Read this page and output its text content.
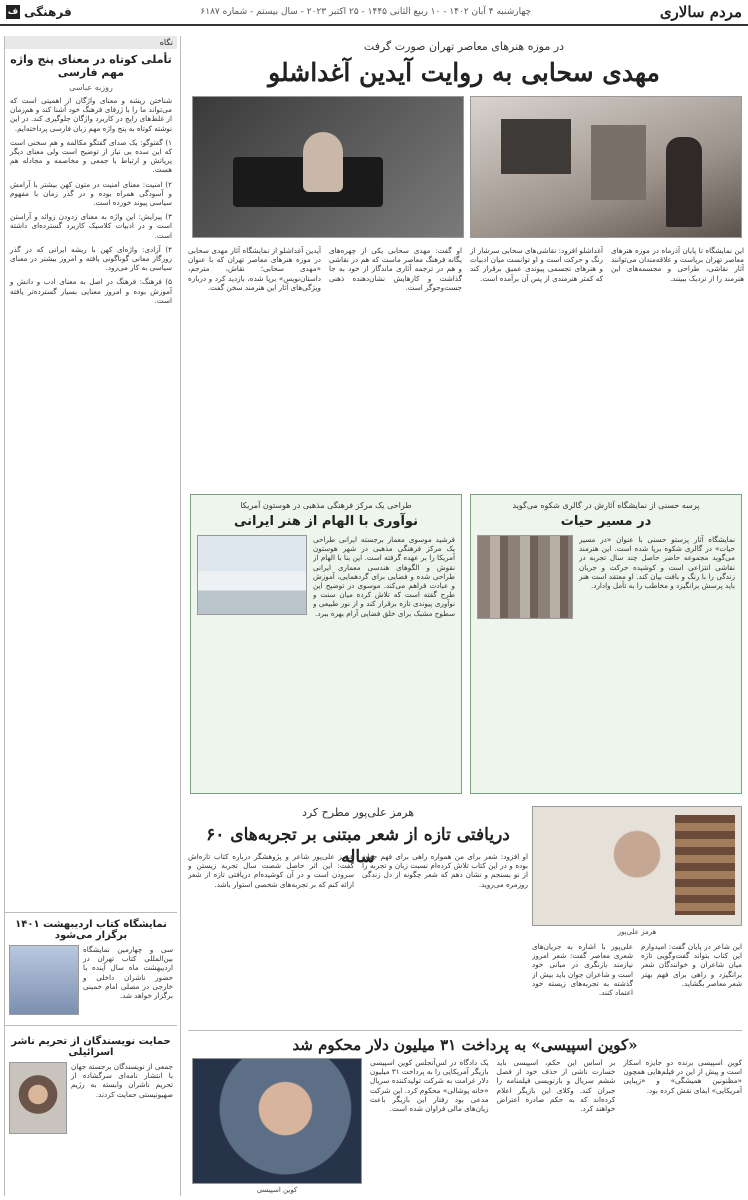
مردم سالاری
چهارشنبه ۴ آبان ۱۴۰۲ - ۱۰ ربیع الثانی ۱۴۴۵ - ۲۵ اکتبر ۲۰۲۳ - سال بیستم - شماره ۶۱۸۷
فرهنگی
ف
نگاه
تأملی کوتاه در معنای پنج واژه مهم فارسی
روزبه عباسی

شناختن ریشه و معنای واژگان از اهمیتی است که می‌تواند ما را با ژرفای فرهنگ خود آشنا کند و هم‌زمان از غلط‌های رایج در کاربرد واژگان جلوگیری کند. در این نوشته کوتاه به پنج واژه مهم زبان فارسی پرداخته‌ایم.

۱) گفتوگو: یک صدای گفتگو مکالمه و هم سخنی است که این سده بی نیاز از توضیح است ولی معنای دیگر پرپاتش و ارتباط با جمعی و مخاصمه و مجادله هم هست.

۲) امنیت: معنای امنیت در متون کهن بیشتر با آرامش و آسودگی همراه بوده و در گذر زمان با مفهوم سیاسی پیوند خورده است.

۳) پیرایش: این واژه به معنای زدودن زوائد و آراستن است و در ادبیات کلاسیک کاربرد گسترده‌ای داشته است.

۴) آزادی: واژه‌ای کهن با ریشه ایرانی که در گذر روزگار معانی گوناگونی یافته و امروز بیشتر در معنای سیاسی به کار می‌رود.

۵) فرهنگ: فرهنگ در اصل به معنای ادب و دانش و آموزش بوده و امروز معنایی بسیار گسترده‌تر یافته است.

نمایشگاه کتاب اردیبهشت ۱۴۰۱ برگزار می‌شود

سی و چهارمین نمایشگاه بین‌المللی کتاب تهران در اردیبهشت ماه سال آینده با حضور ناشران داخلی و خارجی در مصلی امام خمینی برگزار خواهد شد.

حمایت نویسندگان از تحریم ناشر اسرائیلی

جمعی از نویسندگان برجسته جهان با انتشار نامه‌ای سرگشاده از تحریم ناشران وابسته به رژیم صهیونیستی حمایت کردند.

در موزه هنرهای معاصر تهران صورت گرفت
مهدی سحابی به روایت آیدین آغداشلو
این نمایشگاه تا پایان آذرماه در موزه هنرهای معاصر تهران برپاست و علاقه‌مندان می‌توانند آثار نقاشی، طراحی و مجسمه‌های این هنرمند را از نزدیک ببینند.
آغداشلو افزود: نقاشی‌های سحابی سرشار از رنگ و حرکت است و او توانست میان ادبیات و هنرهای تجسمی پیوندی عمیق برقرار کند که کمتر هنرمندی از پس آن برآمده است.
او گفت: مهدی سحابی یکی از چهره‌های یگانه فرهنگ معاصر ماست که هم در نقاشی و هم در ترجمه آثاری ماندگار از خود به جا گذاشت و کارهایش نشان‌دهنده ذهنی جست‌وجوگر است.
آیدین آغداشلو از نمایشگاه آثار مهدی سحابی در موزه هنرهای معاصر تهران که با عنوان «مهدی سحابی؛ نقاش، مترجم، داستان‌نویس» برپا شده، بازدید کرد و درباره ویژگی‌های آثار این هنرمند سخن گفت.
طراحی یک مرکز فرهنگی مذهبی در هوستون آمریکا
نوآوری با الهام از هنر ایرانی
فرشید موسوی معمار برجسته ایرانی طراحی یک مرکز فرهنگی مذهبی در شهر هوستون آمریکا را بر عهده گرفته است. این بنا با الهام از نقوش و الگوهای هندسی معماری ایرانی طراحی شده و فضایی برای گردهمایی، آموزش و عبادت فراهم می‌کند. موسوی در توضیح این طرح گفته است که تلاش کرده میان سنت و نوآوری پیوندی تازه برقرار کند و از نور طبیعی و سطوح مشبک برای خلق فضایی آرام بهره ببرد.
پرسه حسنی از نمایشگاه آثارش در گالری شکوه می‌گوید
در مسیر حیات
نمایشگاه آثار پرستو حسنی با عنوان «در مسیر حیات» در گالری شکوه برپا شده است. این هنرمند می‌گوید مجموعه حاضر حاصل چند سال تجربه در نقاشی انتزاعی است و کوشیده حرکت و جریان زندگی را با رنگ و بافت بیان کند. او معتقد است هنر باید پرسش برانگیزد و مخاطب را به تأمل وادارد.
هرمز علی‌پور مطرح کرد
دریافتی تازه از شعر مبتنی بر تجربه‌های ۶۰ ساله
هرمز علی‌پور
او افزود: شعر برای من همواره راهی برای فهم جهان بوده و در این کتاب تلاش کرده‌ام نسبت زبان و تجربه را از نو بسنجم و نشان دهم که شعر چگونه از دل زندگی روزمره می‌روید.
هرمز علی‌پور شاعر و پژوهشگر درباره کتاب تازه‌اش گفت: این اثر حاصل شصت سال تجربه زیستن و سرودن است و در آن کوشیده‌ام دریافتی تازه از شعر ارائه کنم که بر تجربه‌های شخصی استوار باشد.
این شاعر در پایان گفت: امیدوارم این کتاب بتواند گفت‌وگویی تازه میان شاعران و خوانندگان شعر برانگیزد و راهی برای فهم بهتر شعر معاصر بگشاید.
علی‌پور با اشاره به جریان‌های شعری معاصر گفت: شعر امروز نیازمند بازنگری در مبانی خود است و شاعران جوان باید بیش از گذشته به تجربه‌های زیسته خود اعتماد کنند.
«کوین اسپیسی» به پرداخت ۳۱ میلیون دلار محکوم شد
کوین اسپیسی
کوین اسپیسی برنده دو جایزه اسکار است و پیش از این در فیلم‌هایی همچون «مظنونین همیشگی» و «زیبایی آمریکایی» ایفای نقش کرده بود.
بر اساس این حکم، اسپیسی باید خسارت ناشی از حذف خود از فصل ششم سریال و بازنویسی فیلمنامه را جبران کند. وکلای این بازیگر اعلام کرده‌اند که به حکم صادره اعتراض خواهند کرد.
یک دادگاه در لس‌آنجلس کوین اسپیسی بازیگر آمریکایی را به پرداخت ۳۱ میلیون دلار غرامت به شرکت تولیدکننده سریال «خانه پوشالی» محکوم کرد. این شرکت مدعی بود رفتار این بازیگر باعث زیان‌های مالی فراوان شده است.
